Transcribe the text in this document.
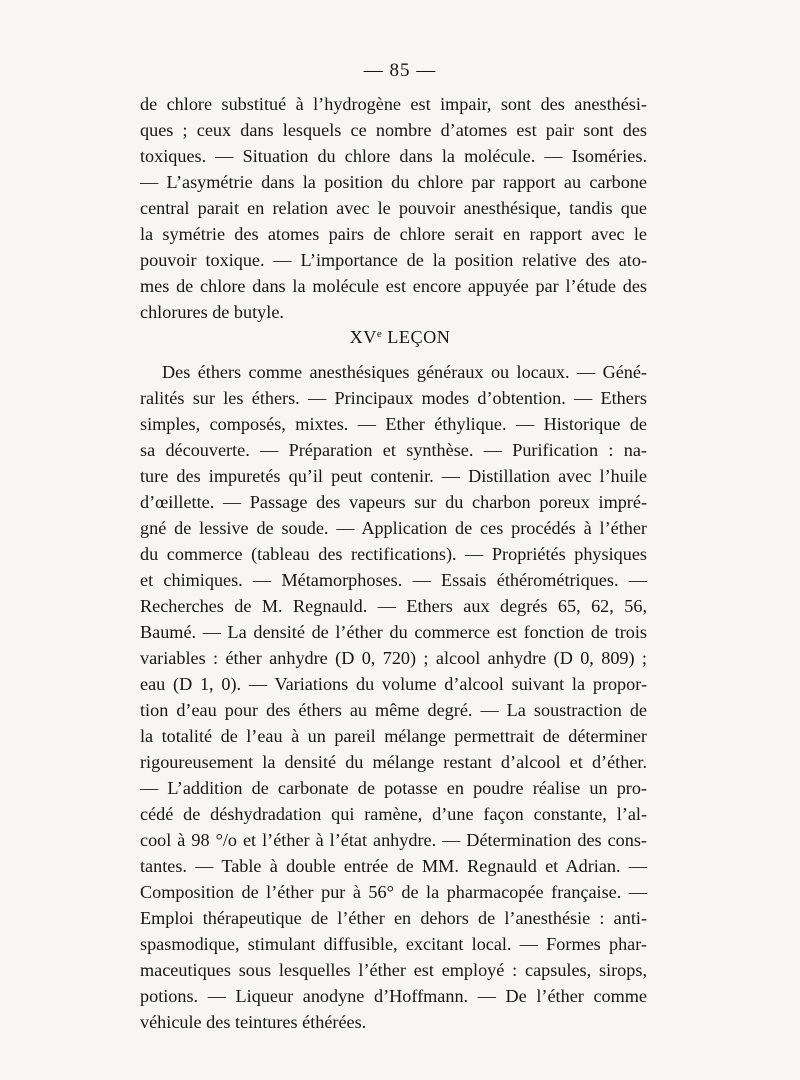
— 85 —
de chlore substitué à l’hydrogène est impair, sont des anesthési-
ques ; ceux dans lesquels ce nombre d’atomes est pair sont des
toxiques. — Situation du chlore dans la molécule. — Isoméries.
— L’asymétrie dans la position du chlore par rapport au carbone
central parait en relation avec le pouvoir anesthésique, tandis que
la symétrie des atomes pairs de chlore serait en rapport avec le
pouvoir toxique. — L’importance de la position relative des ato-
mes de chlore dans la molécule est encore appuyée par l’étude des
chlorures de butyle.
XVe LEÇON
Des éthers comme anesthésiques généraux ou locaux. — Géné-
ralités sur les éthers. — Principaux modes d’obtention. — Ethers
simples, composés, mixtes. — Ether éthylique. — Historique de
sa découverte. — Préparation et synthèse. — Purification : na-
ture des impuretés qu’il peut contenir. — Distillation avec l’huile
d’œillette. — Passage des vapeurs sur du charbon poreux impré-
gné de lessive de soude. — Application de ces procédés à l’éther
du commerce (tableau des rectifications). — Propriétés physiques
et chimiques. — Métamorphoses. — Essais éthérométriques. —
Recherches de M. Regnauld. — Ethers aux degrés 65, 62, 56,
Baumé. — La densité de l’éther du commerce est fonction de trois
variables : éther anhydre (D 0, 720) ; alcool anhydre (D 0, 809) ;
eau (D 1, 0). — Variations du volume d’alcool suivant la propor-
tion d’eau pour des éthers au même degré. — La soustraction de
la totalité de l’eau à un pareil mélange permettrait de déterminer
rigoureusement la densité du mélange restant d’alcool et d’éther.
— L’addition de carbonate de potasse en poudre réalise un pro-
cédé de déshydradation qui ramène, d’une façon constante, l’al-
cool à 98 °/o et l’éther à l’état anhydre. — Détermination des cons-
tantes. — Table à double entrée de MM. Regnauld et Adrian. —
Composition de l’éther pur à 56° de la pharmacopée française. —
Emploi thérapeutique de l’éther en dehors de l’anesthésie : anti-
spasmodique, stimulant diffusible, excitant local. — Formes phar-
maceutiques sous lesquelles l’éther est employé : capsules, sirops,
potions. — Liqueur anodyne d’Hoffmann. — De l’éther comme
véhicule des teintures éthérées.
